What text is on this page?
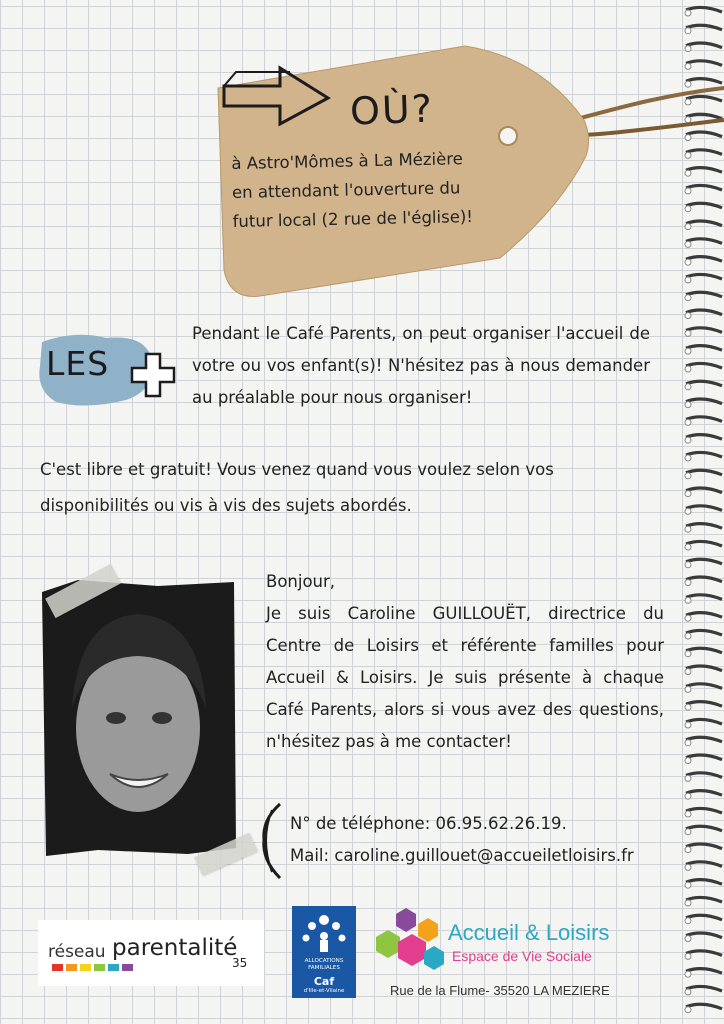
OÙ?
à Astro'Mômes à La Mézière
en attendant l'ouverture du
futur local (2 rue de l'église)!
LES
Pendant le Café Parents, on peut organiser l'accueil de votre ou vos enfant(s)! N'hésitez pas à nous demander au préalable pour nous organiser!
C'est libre et gratuit! Vous venez quand vous voulez selon vos disponibilités ou vis à vis des sujets abordés.
Bonjour,
Je suis Caroline GUILLOUËT, directrice du Centre de Loisirs et référente familles pour Accueil & Loisirs. Je suis présente à chaque Café Parents, alors si vous avez des questions, n'hésitez pas à me contacter!
N° de téléphone: 06.95.62.26.19.
Mail: caroline.guillouet@accueiletloisirs.fr
réseau parentalité
35	ALLOCATIONS
FAMILIALES
Caf
d'Ille-et-Vilaine
Accueil & Loisirs
Espace de Vie Sociale
Rue de la Flume- 35520 LA MEZIERE
